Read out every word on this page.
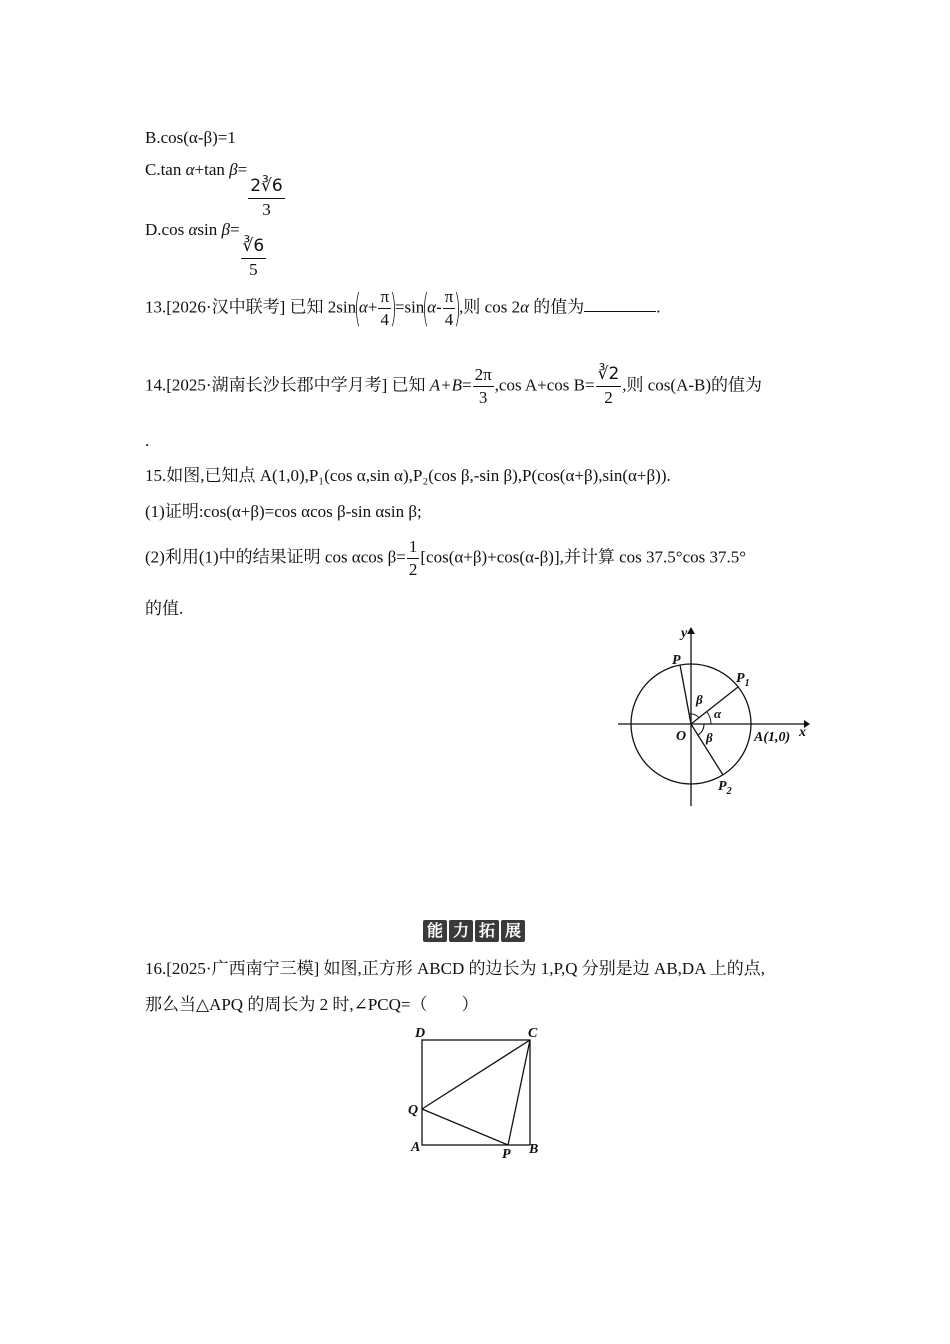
B.cos(α-β)=1
C.tan α+tan β=
$\frac{2∛6}{3}$
D.cos αsin β=
$\frac{∛6}{5}$
13.[2026·汉中联考] 已知 $2\sin(\alpha+ \frac{\pi}{4} )=\sin(\alpha- \frac{\pi}{4}$ ),则 cos 2α 的值为	.
14.[2025·湖南长沙长郡中学月考] 已知 $A+B= \frac{2\pi}{3} ,\cos$ A+cos $B= \frac{∛2}{2}$ ,则 cos(A-B)的值为
.
15.如图,已知点 A(1,0),P₁(cos α,sin α),P₂(cos β,-sin β),P(cos(α+β),sin(α+β)).
(1)证明:cos(α+β)=cos αcos β-sin αsin β;
(2)利用(1)中的结果证明 cos αcos $\beta= \frac{1}{2} [\cos(\alpha+\beta)+\cos(\alpha-\beta)]$,并计算 cos 37.5°cos 37.5°
的值.
y
x
P
$P_1$
$P_2$
O	A(1,0)
α
β
β
能 力 拓 展
16.[2025·广西南宁三模] 如图,正方形 ABCD 的边长为 1,P,Q 分别是边 AB,DA 上的点,
那么当△APQ 的周长为 2 时,∠PCQ=（　　）
D	C
Q
A	P B
